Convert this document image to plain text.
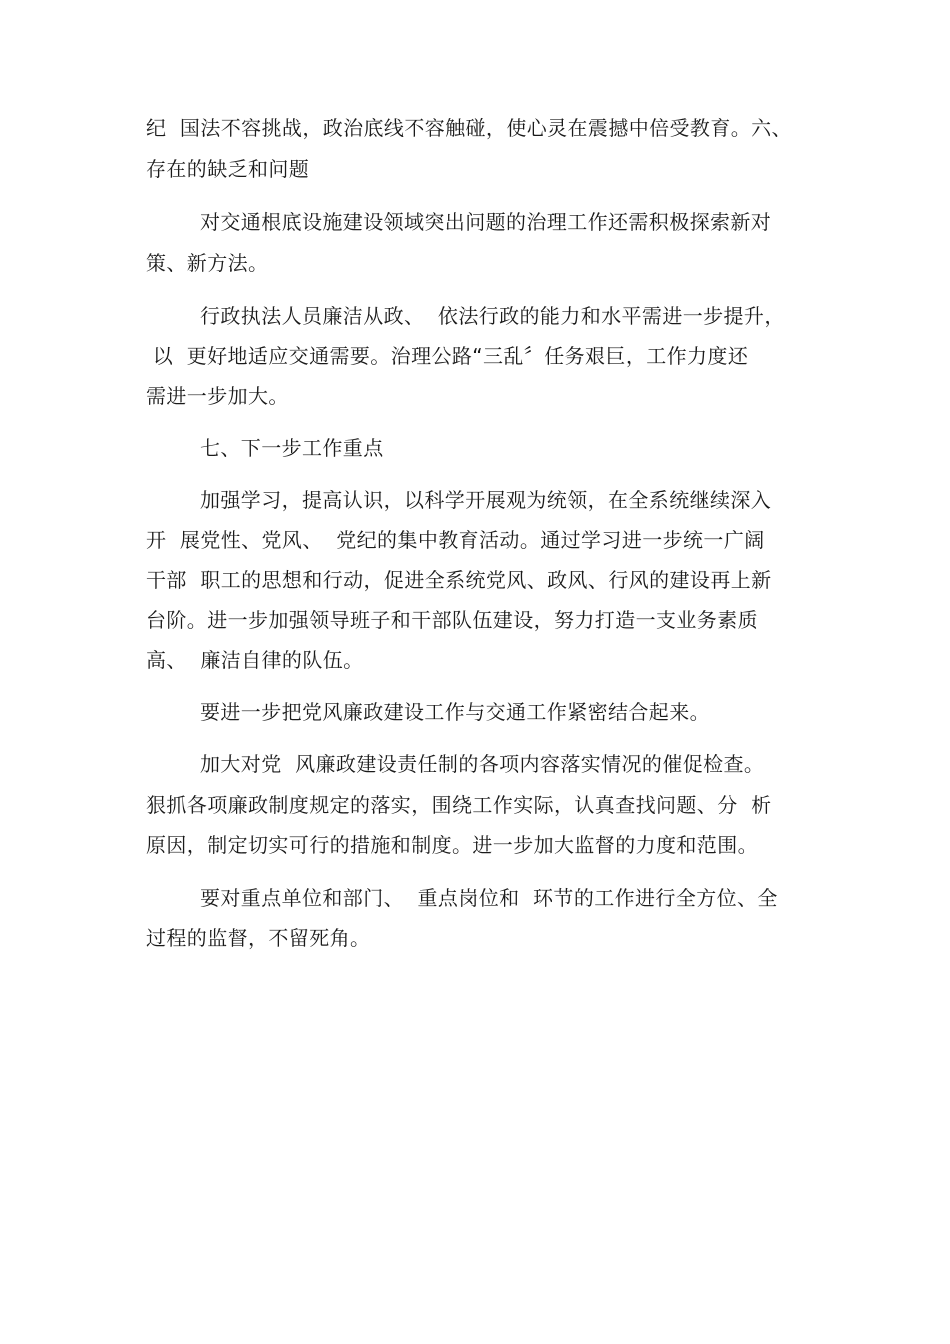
纪  国法不容挑战，政治底线不容触碰，使心灵在震撼中倍受教育。六、
存在的缺乏和问题
对交通根底设施建设领域突出问题的治理工作还需积极探索新对
策、新方法。
行政执法人员廉洁从政、  依法行政的能力和水平需进一步提升，
以  更好地适应交通需要。治理公路“三乱〞任务艰巨，工作力度还
需进一步加大。
七、下一步工作重点
加强学习，提高认识，以科学开展观为统领，在全系统继续深入
开  展党性、党风、  党纪的集中教育活动。通过学习进一步统一广阔
干部  职工的思想和行动，促进全系统党风、政风、行风的建设再上新
台阶。进一步加强领导班子和干部队伍建设，努力打造一支业务素质
高、  廉洁自律的队伍。
要进一步把党风廉政建设工作与交通工作紧密结合起来。
加大对党  风廉政建设责任制的各项内容落实情况的催促检查。
狠抓各项廉政制度规定的落实，围绕工作实际，认真查找问题、分  析
原因，制定切实可行的措施和制度。进一步加大监督的力度和范围。
要对重点单位和部门、  重点岗位和  环节的工作进行全方位、全
过程的监督，不留死角。
